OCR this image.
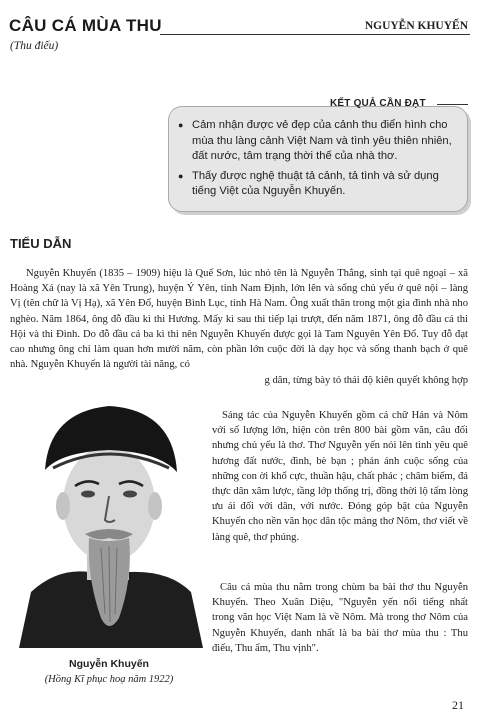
CÂU CÁ MÙA THU	NGUYỄN KHUYẾN
(Thu điếu)
KẾT QUẢ CẦN ĐẠT
● Cảm nhận được vẻ đẹp của cảnh thu điển hình cho mùa thu làng cảnh Việt Nam và tình yêu thiên nhiên, đất nước, tâm trạng thời thế của nhà thơ.
● Thấy được nghệ thuật tả cảnh, tả tình và sử dụng tiếng Việt của Nguyễn Khuyến.
TIỂU DẪN

Nguyễn Khuyến (1835 – 1909) hiệu là Quế Sơn, lúc nhỏ tên là Nguyễn Thắng, sinh tại quê ngoại – xã Hoàng Xá (nay là xã Yên Trung), huyện Ý Yên, tỉnh Nam Định, lớn lên và sống chủ yếu ở quê nội – làng Vị (tên chữ là Vị Hạ), xã Yên Đổ, huyện Bình Lục, tỉnh Hà Nam. Ông xuất thân trong một gia đình nhà nho nghèo. Năm 1864, ông đỗ đầu kì thi Hương. Mấy kì sau thi tiếp lại trượt, đến năm 1871, ông đỗ đầu cả thi Hội và thi Đình. Do đỗ đầu cả ba kì thi nên Nguyễn Khuyến được gọi là Tam Nguyên Yên Đổ. Tuy đỗ đạt cao nhưng ông chỉ làm quan hơn mười năm, còn phần lớn cuộc đời là dạy học và sống thanh bạch ở quê nhà. Nguyễn Khuyến là người tài năng, có

g dân, từng bày tỏ thái độ kiên quyết không hợp

Sáng tác của Nguyễn Khuyến gồm cả chữ Hán và Nôm với số lượng lớn, hiện còn trên 800 bài gồm văn, câu đối nhưng chủ yếu là thơ. Thơ Nguyễn yến nói lên tình yêu quê hương đất nước, đình, bè bạn ; phản ánh cuộc sống của những con ời khổ cực, thuần hậu, chất phác ; châm biếm, đả thực dân xâm lược, tầng lớp thống trị, đồng thời lộ tấm lòng ưu ái đối với dân, với nước. Đóng góp bật của Nguyễn Khuyến cho nền văn học dân tộc mảng thơ Nôm, thơ viết về làng quê, thơ phúng.

Câu cá mùa thu nằm trong chùm ba bài thơ thu Nguyễn Khuyến. Theo Xuân Diệu, "Nguyễn yến nổi tiếng nhất trong văn học Việt Nam là về Nôm. Mà trong thơ Nôm của Nguyễn Khuyến, danh nhất là ba bài thơ mùa thu : Thu điếu, Thu ẩm, Thu vịnh".

Nguyễn Khuyến
(Hồng Kĩ phục hoạ năm 1922)
21
